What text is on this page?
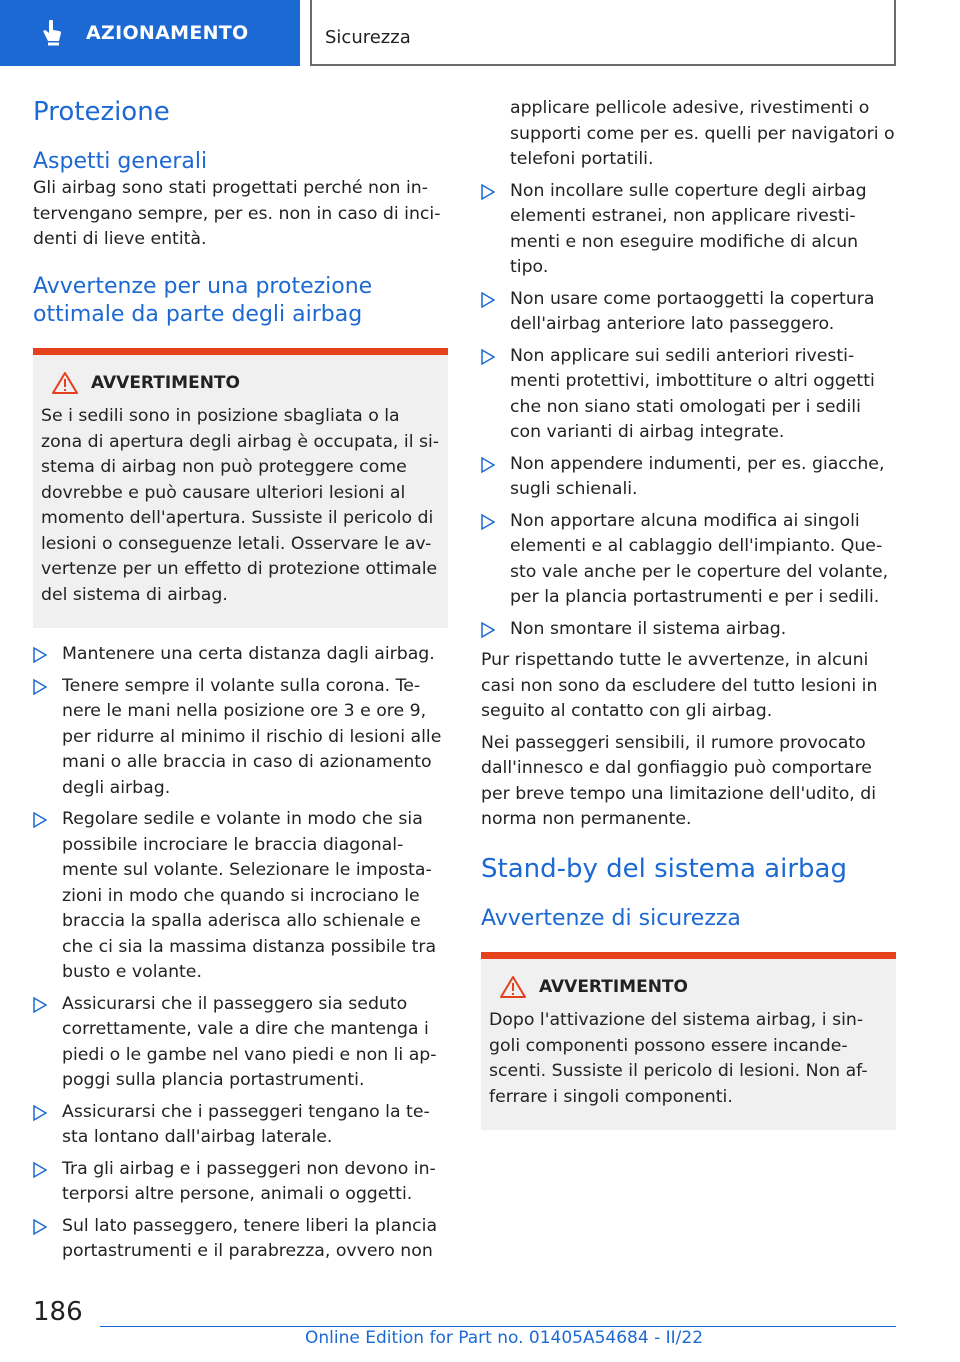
AZIONAMENTO	Sicurezza
Protezione
Aspetti generali

Gli airbag sono stati progettati perché non in-tervengano sempre, per es. non in caso di inci-denti di lieve entità.

Avvertenze per una protezione ottimale da parte degli airbag
AVVERTIMENTO

Se i sedili sono in posizione sbagliata o la zona di apertura degli airbag è occupata, il si-stema di airbag non può proteggere come dovrebbe e può causare ulteriori lesioni al momento dell'apertura. Sussiste il pericolo di lesioni o conseguenze letali. Osservare le av-vertenze per un effetto di protezione ottimale del sistema di airbag.

Mantenere una certa distanza dagli airbag.
Tenere sempre il volante sulla corona. Te-nere le mani nella posizione ore 3 e ore 9, per ridurre al minimo il rischio di lesioni alle mani o alle braccia in caso di azionamento degli airbag.
Regolare sedile e volante in modo che sia possibile incrociare le braccia diagonal-mente sul volante. Selezionare le imposta-zioni in modo che quando si incrociano le braccia la spalla aderisca allo schienale e che ci sia la massima distanza possibile tra busto e volante.
Assicurarsi che il passeggero sia seduto correttamente, vale a dire che mantenga i piedi o le gambe nel vano piedi e non li ap-poggi sulla plancia portastrumenti.
Assicurarsi che i passeggeri tengano la te-sta lontano dall'airbag laterale.
Tra gli airbag e i passeggeri non devono in-terporsi altre persone, animali o oggetti.
Sul lato passeggero, tenere liberi la plancia portastrumenti e il parabrezza, ovvero non

applicare pellicole adesive, rivestimenti o supporti come per es. quelli per navigatori o telefoni portatili.

Non incollare sulle coperture degli airbag elementi estranei, non applicare rivesti-menti e non eseguire modifiche di alcun tipo.
Non usare come portaoggetti la copertura dell'airbag anteriore lato passeggero.
Non applicare sui sedili anteriori rivesti-menti protettivi, imbottiture o altri oggetti che non siano stati omologati per i sedili con varianti di airbag integrate.
Non appendere indumenti, per es. giacche, sugli schienali.
Non apportare alcuna modifica ai singoli elementi e al cablaggio dell'impianto. Que-sto vale anche per le coperture del volante, per la plancia portastrumenti e per i sedili.
Non smontare il sistema airbag.

Pur rispettando tutte le avvertenze, in alcuni casi non sono da escludere del tutto lesioni in seguito al contatto con gli airbag.

Nei passeggeri sensibili, il rumore provocato dall'innesco e dal gonfiaggio può comportare per breve tempo una limitazione dell'udito, di norma non permanente.

Stand-by del sistema airbag
Avvertenze di sicurezza
AVVERTIMENTO

Dopo l'attivazione del sistema airbag, i sin-goli componenti possono essere incande-scenti. Sussiste il pericolo di lesioni. Non af-ferrare i singoli componenti.

186
Online Edition for Part no. 01405A54684 - II/22
